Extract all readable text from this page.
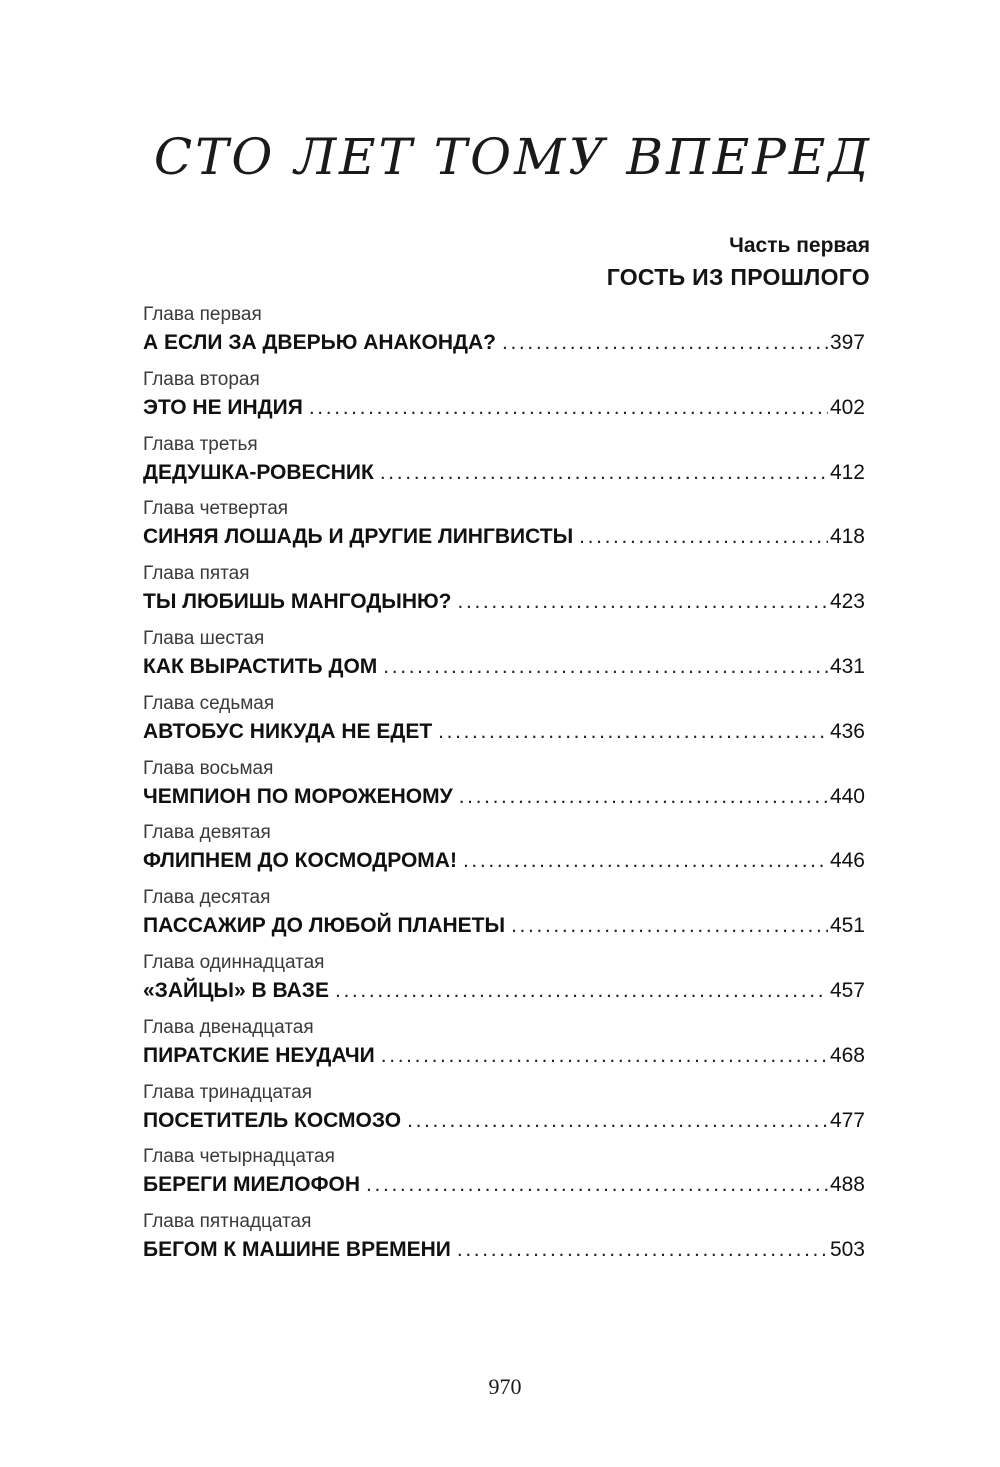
СТО ЛЕТ ТОМУ ВПЕРЕД
Часть первая
ГОСТЬ ИЗ ПРОШЛОГО
Глава первая
А ЕСЛИ ЗА ДВЕРЬЮ АНАКОНДА? . . .	397
Глава вторая
ЭТО НЕ ИНДИЯ . . .	402
Глава третья
ДЕДУШКА-РОВЕСНИК . . .	412
Глава четвертая
СИНЯЯ ЛОШАДЬ И ДРУГИЕ ЛИНГВИСТЫ . . .	418
Глава пятая
ТЫ ЛЮБИШЬ МАНГОДЫНЮ? . . .	423
Глава шестая
КАК ВЫРАСТИТЬ ДОМ . . .	431
Глава седьмая
АВТОБУС НИКУДА НЕ ЕДЕТ . . .	436
Глава восьмая
ЧЕМПИОН ПО МОРОЖЕНОМУ . . .	440
Глава девятая
ФЛИПНЕМ ДО КОСМОДРОМА! . . .	446
Глава десятая
ПАССАЖИР ДО ЛЮБОЙ ПЛАНЕТЫ . . .	451
Глава одиннадцатая
«ЗАЙЦЫ» В ВАЗЕ . . .	457
Глава двенадцатая
ПИРАТСКИЕ НЕУДАЧИ . . .	468
Глава тринадцатая
ПОСЕТИТЕЛЬ КОСМОЗО . . .	477
Глава четырнадцатая
БЕРЕГИ МИЕЛОФОН . . .	488
Глава пятнадцатая
БЕГОМ К МАШИНЕ ВРЕМЕНИ . . .	503
970
